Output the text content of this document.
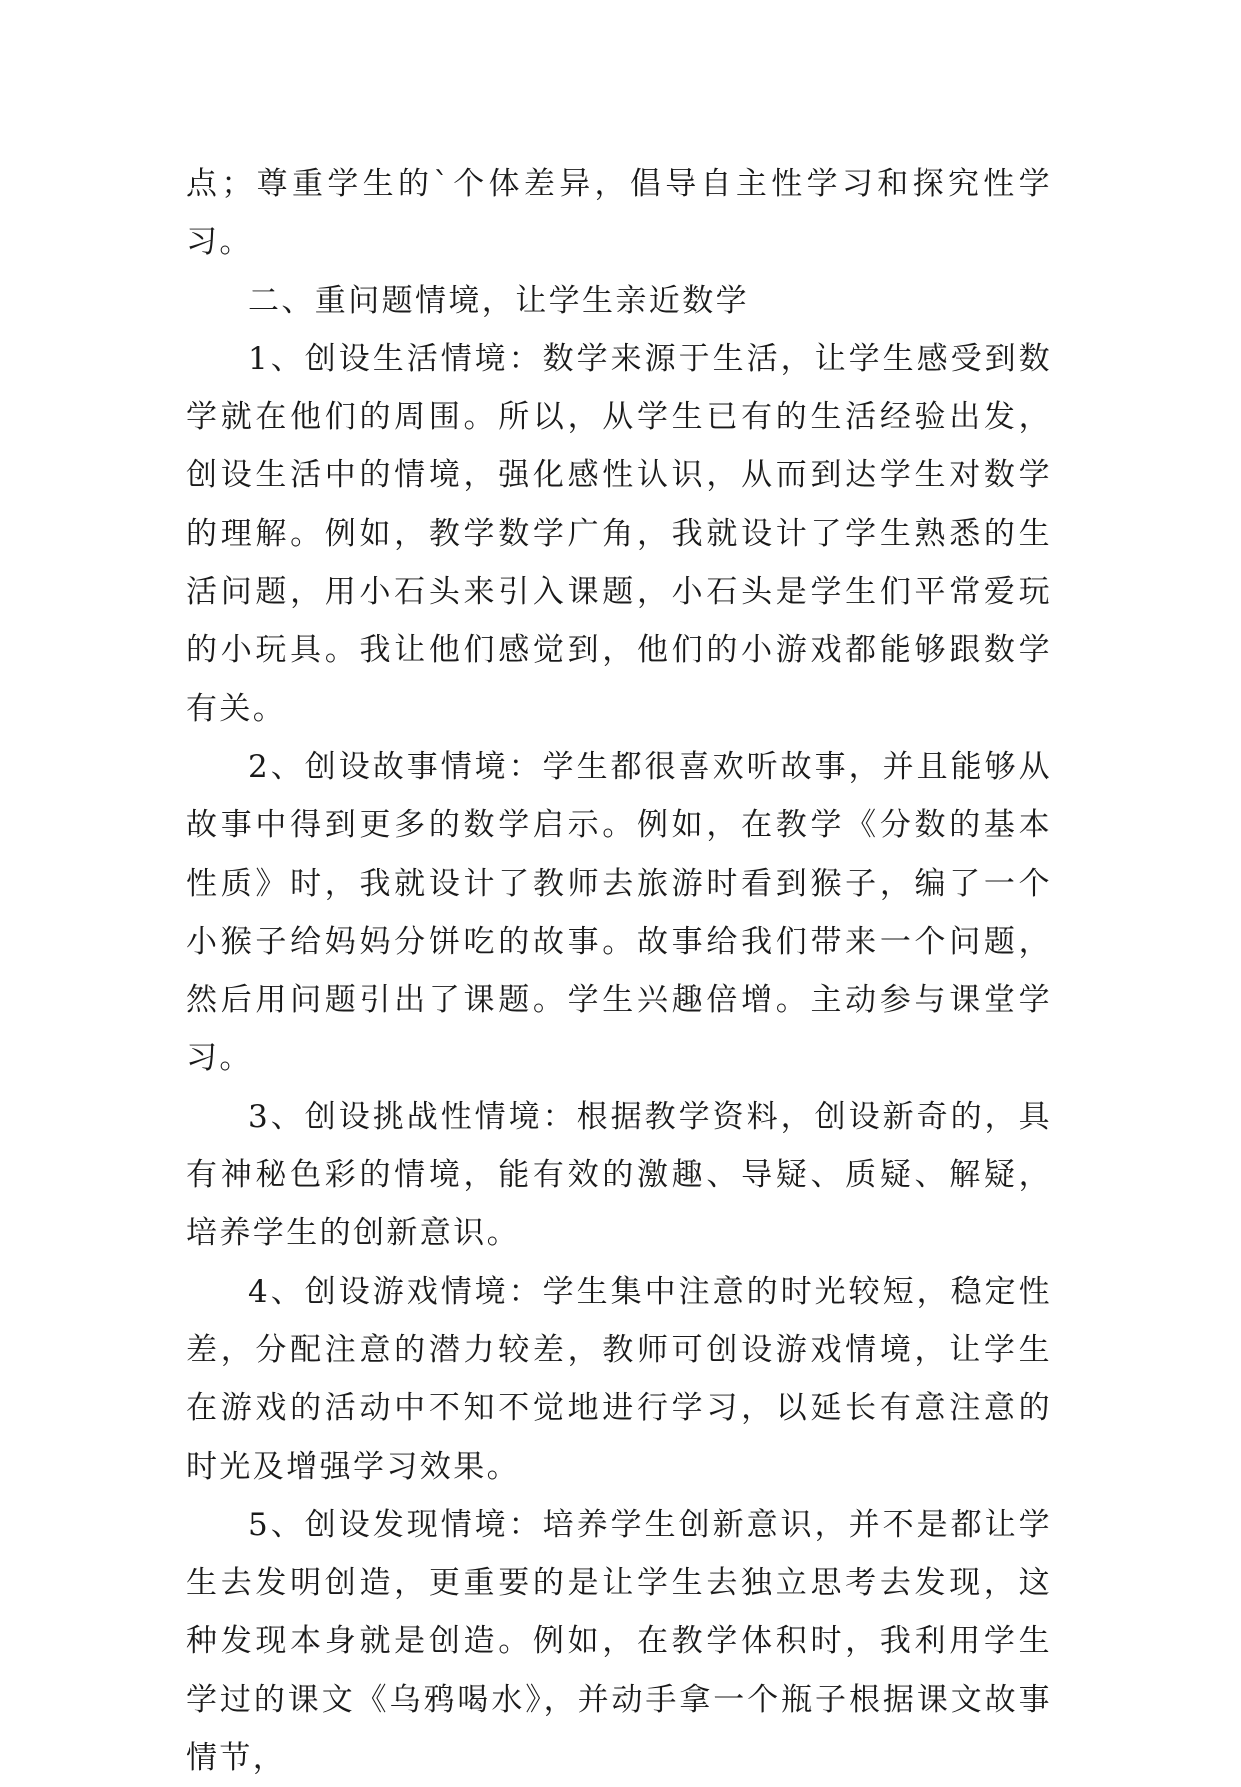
点；尊重学生的`个体差异，倡导自主性学习和探究性学习。

二、重问题情境，让学生亲近数学

1、创设生活情境：数学来源于生活，让学生感受到数学就在他们的周围。所以，从学生已有的生活经验出发，创设生活中的情境，强化感性认识，从而到达学生对数学的理解。例如，教学数学广角，我就设计了学生熟悉的生活问题，用小石头来引入课题，小石头是学生们平常爱玩的小玩具。我让他们感觉到，他们的小游戏都能够跟数学有关。

2、创设故事情境：学生都很喜欢听故事，并且能够从故事中得到更多的数学启示。例如，在教学《分数的基本性质》时，我就设计了教师去旅游时看到猴子，编了一个小猴子给妈妈分饼吃的故事。故事给我们带来一个问题，然后用问题引出了课题。学生兴趣倍增。主动参与课堂学习。

3、创设挑战性情境：根据教学资料，创设新奇的，具有神秘色彩的情境，能有效的激趣、导疑、质疑、解疑，培养学生的创新意识。

4、创设游戏情境：学生集中注意的时光较短，稳定性差，分配注意的潜力较差，教师可创设游戏情境，让学生在游戏的活动中不知不觉地进行学习，以延长有意注意的时光及增强学习效果。

5、创设发现情境：培养学生创新意识，并不是都让学生去发明创造，更重要的是让学生去独立思考去发现，这种发现本身就是创造。例如，在教学体积时，我利用学生学过的课文《乌鸦喝水》，并动手拿一个瓶子根据课文故事情节，
